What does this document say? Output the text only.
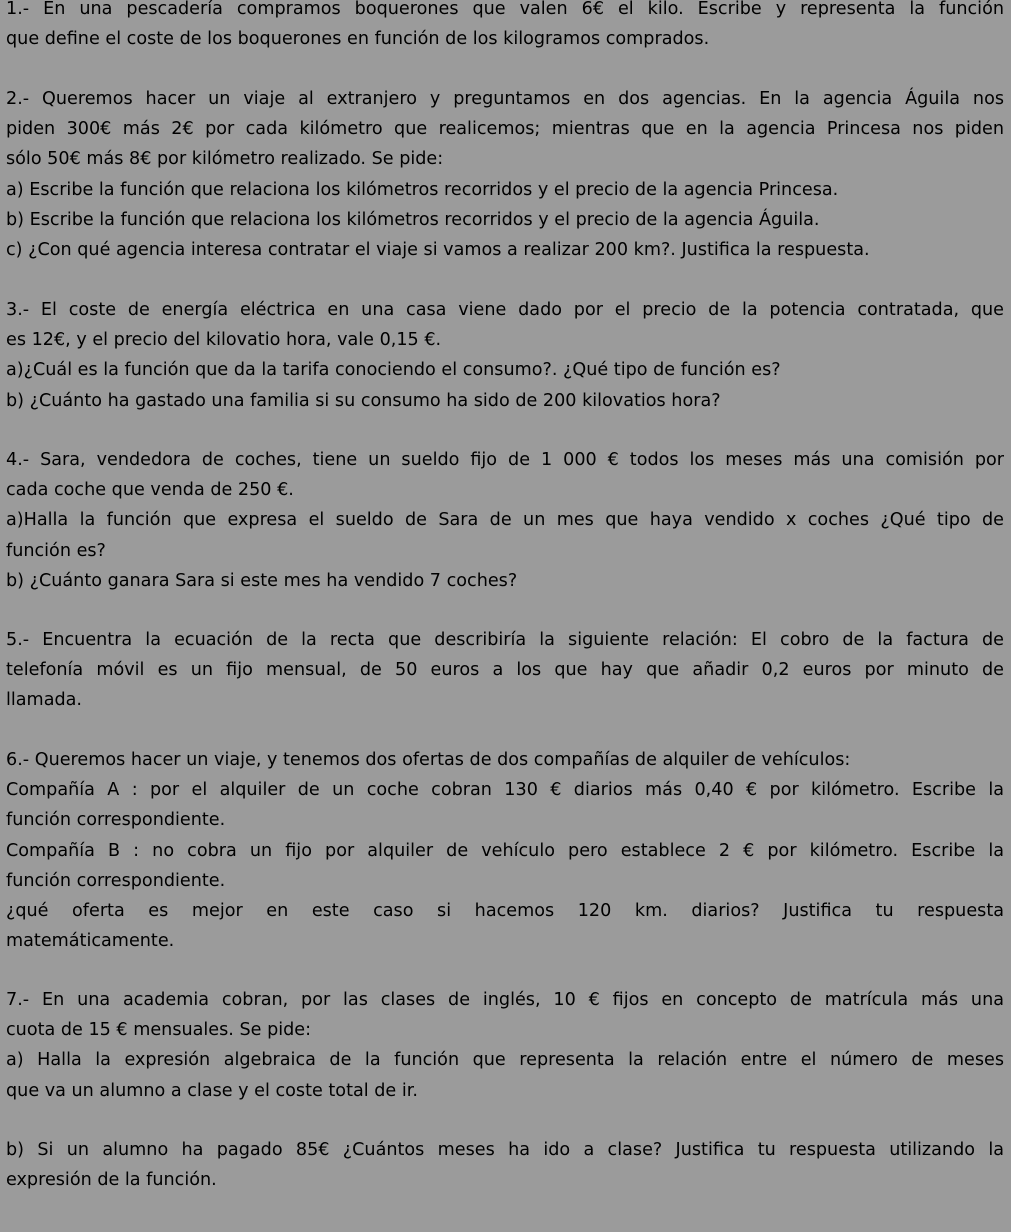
1.- En una pescadería compramos boquerones que valen 6€ el kilo. Escribe y representa la función
que define el coste de los boquerones en función de los kilogramos comprados.
2.- Queremos hacer un viaje al extranjero y preguntamos en dos agencias. En la agencia Águila nos
piden 300€ más 2€ por cada kilómetro que realicemos; mientras que en la agencia Princesa nos piden
sólo 50€ más 8€ por kilómetro realizado. Se pide:
a) Escribe la función que relaciona los kilómetros recorridos y el precio de la agencia Princesa.
b) Escribe la función que relaciona los kilómetros recorridos y el precio de la agencia Águila.
c) ¿Con qué agencia interesa contratar el viaje si vamos a realizar 200 km?. Justifica la respuesta.
3.- El coste de energía eléctrica en una casa viene dado por el precio de la potencia contratada, que
es 12€, y el precio del kilovatio hora, vale 0,15 €.
a)¿Cuál es la función que da la tarifa conociendo el consumo?. ¿Qué tipo de función es?
b) ¿Cuánto ha gastado una familia si su consumo ha sido de 200 kilovatios hora?
4.- Sara, vendedora de coches, tiene un sueldo fijo de 1 000 € todos los meses más una comisión por
cada coche que venda de 250 €.
a)Halla la función que expresa el sueldo de Sara de un mes que haya vendido x coches ¿Qué tipo de
función es?
b) ¿Cuánto ganara Sara si este mes ha vendido 7 coches?
5.- Encuentra la ecuación de la recta que describiría la siguiente relación: El cobro de la factura de
telefonía móvil es un fijo mensual, de 50 euros a los que hay que añadir 0,2 euros por minuto de
llamada.
6.- Queremos hacer un viaje, y tenemos dos ofertas de dos compañías de alquiler de vehículos:
Compañía A : por el alquiler de un coche cobran 130 € diarios más 0,40 € por kilómetro. Escribe la
función correspondiente.
Compañía B : no cobra un fijo por alquiler de vehículo pero establece 2 € por kilómetro. Escribe la
función correspondiente.
¿qué oferta es mejor en este caso si hacemos 120 km. diarios? Justifica tu respuesta
matemáticamente.
7.- En una academia cobran, por las clases de inglés, 10 € fijos en concepto de matrícula más una
cuota de 15 € mensuales. Se pide:
a) Halla la expresión algebraica de la función que representa la relación entre el número de meses
que va un alumno a clase y el coste total de ir.
b) Si un alumno ha pagado 85€ ¿Cuántos meses ha ido a clase? Justifica tu respuesta utilizando la
expresión de la función.
